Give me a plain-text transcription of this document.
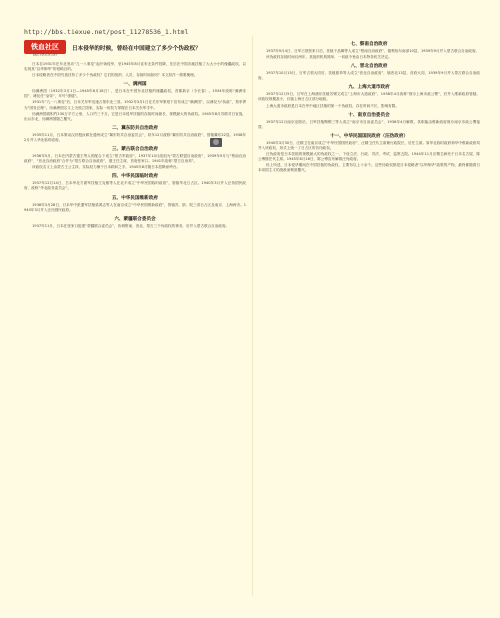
http://bbs.tiexue.net/post_11278536_1.html
铁血社区
BBS.TIEXUE.NET
日本侵华的时候，曾经在中国建立了多少个伪政权？

日本自1931年在东北发动“九一八事变”起开始侵华，至1945年8月宣布无条件投降，先后在中国各地扶植了大大小小的傀儡政权，以实现其“以华制华”的侵略目的。

日本侵略者在中国究竟扶持了多少个伪政权？它们的组织、人员、存续时间如何？本文拟作一简要梳理。

一、满洲国

伪满洲国（1932年3月1日—1945年8月18日），是日本在中国东北扶植的傀儡政权，首都新京（今长春）。1934年改称“满洲帝国”，溥仪任“皇帝”，年号“康德”。

1931年“九一八事变”后，日本关东军迅速占领东北三省。1932年3月1日在关东军策划下宣布成立“满洲国”，以溥仪为“执政”，郑孝胥为“国务总理”。伪满洲国名义上为独立国家，实际一切权力掌握在日本关东军手中。

伪满洲国面积约130万平方公里，人口约三千万。它是日本侵华扶植的存续时间最长、规模最大的伪政权。1945年8月苏联对日宣战，出兵东北，伪满洲国随之覆灭。

二、冀东防共自治政府

1935年11月，日本策动汉奸殷汝耕在通州成立“冀东防共自治委员会”，同年12月改称“冀东防共自治政府”，管辖冀东22县。1938年2月并入华北临时政府。

三、蒙古联合自治政府

1936年5月，日本在内蒙古德王等人的配合下成立“蒙古军政府”，1937年10月改组为“蒙古联盟自治政府”，1939年9月与“察南自治政府”、“晋北自治政府”合并为“蒙古联合自治政府”，德王任主席，首府张家口。1941年改称“蒙古自治邦”。

该政权名义上由蒙古王公主持，实际权力操于日本顾问之手，1945年8月随日本投降而垮台。

四、中华民国临时政府

1937年12月14日，日本华北方面军扶植王克敏等人在北平成立“中华民国临时政府”，管辖华北日占区。1940年3月并入汪伪国民政府，改称“华北政务委员会”。

五、中华民国维新政府

1938年3月28日，日本华中派遣军扶植梁鸿志等人在南京成立“中华民国维新政府”，管辖苏、浙、皖三省日占区及南京、上海两市。1940年3月并入汪伪国民政府。

六、蒙疆联合委员会

1937年11月，日本在张家口组建“蒙疆联合委员会”，协调察南、晋北、蒙古三个伪政权的事务，后并入蒙古联合自治政府。

七、察南自治政府

1937年9月4日，日军占领张家口后，扶植于品卿等人成立“察南自治政府”，辖察哈尔南部10县，1939年9月并入蒙古联合自治政府。

该伪政权存续时间仅两年，其组织机构简单，一切政令皆由日本特务机关决定。

八、晋北自治政府

1937年10月15日，日军占领大同后，扶植夏恭等人成立“晋北自治政府”，辖晋北13县，首府大同，1939年9月并入蒙古联合自治政府。

九、上海大道市政府

1937年12月5日，日军在上海浦东扶植苏锡文成立“上海市大道政府”，1938年4月改称“督办上海市政公署”，后并入维新政府管辖。该政权规模甚小，仅辖上海日占区部分地段。

上海大道市政府是日本在华中地区扶植的第一个伪政权，存在时间不长，影响有限。

十、南京自治委员会

1937年12月南京沦陷后，日军扶植陶锡三等人成立“南京市自治委员会”，1938年4月解散，其职能由维新政府督办南京市政公署接替。

十一、中华民国国民政府（汪伪政府）

1940年3月30日，汪精卫在南京成立“中华民国国民政府”，汪精卫任代主席兼行政院长，后任主席。原华北临时政府和华中维新政府均并入该政权，形式上统一了日占区的各伪政权。

汪伪政府是日本扶植的规模最大的伪政权之一，下设立法、行政、司法、考试、监察五院。1944年11月汪精卫病死于日本名古屋，陈公博继任代主席。1945年8月16日，陈公博宣布解散汪伪政府。

综上所述，日本侵华期间在中国扶植的伪政权，主要有以上十余个。这些伪政权都是日本侵略者“以华制华”政策的产物，最终都随着日本帝国主义的战败而彻底覆灭。
